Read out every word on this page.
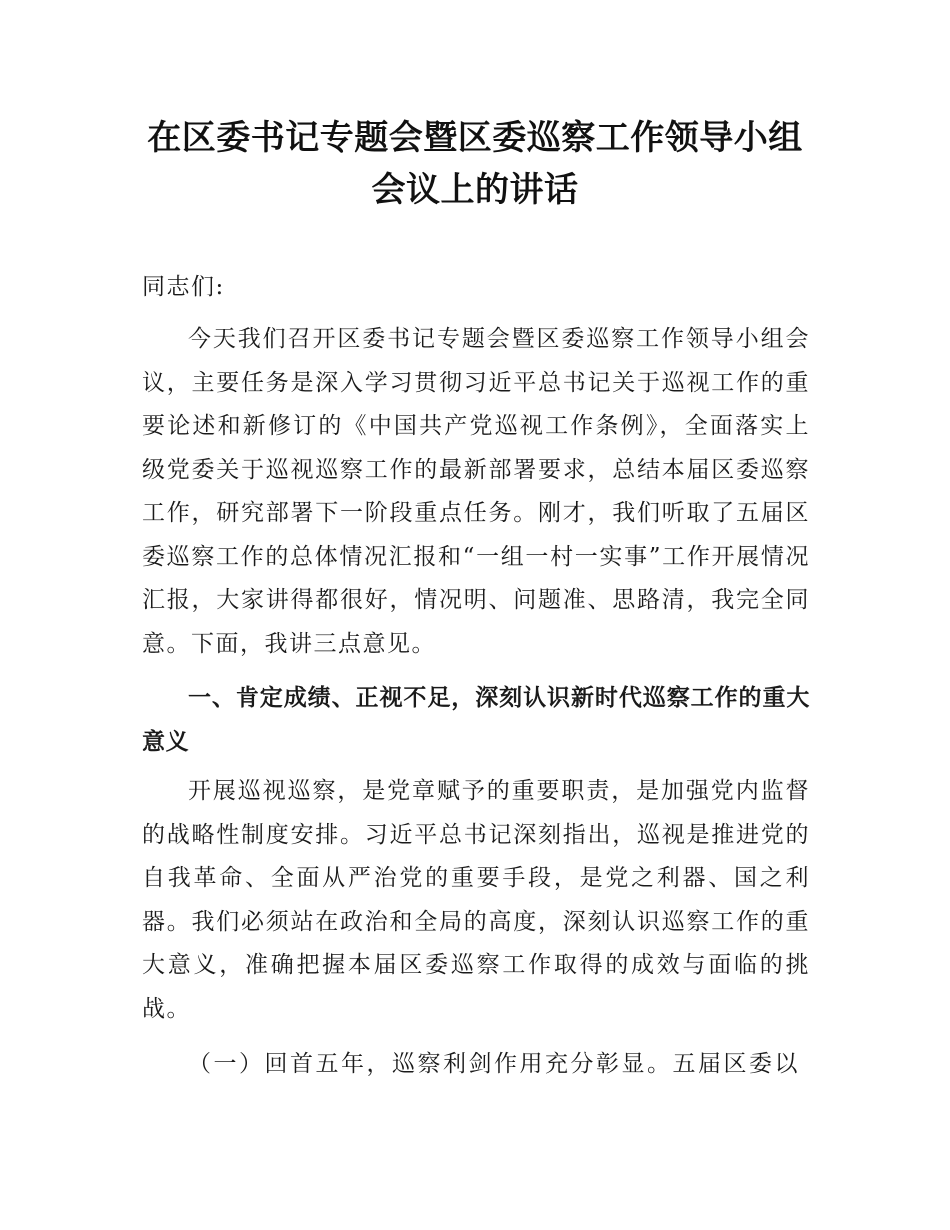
在区委书记专题会暨区委巡察工作领导小组
会议上的讲话

同志们:

今天我们召开区委书记专题会暨区委巡察工作领导小组会议，主要任务是深入学习贯彻习近平总书记关于巡视工作的重要论述和新修订的《中国共产党巡视工作条例》，全面落实上级党委关于巡视巡察工作的最新部署要求，总结本届区委巡察工作，研究部署下一阶段重点任务。刚才，我们听取了五届区委巡察工作的总体情况汇报和“一组一村一实事”工作开展情况汇报，大家讲得都很好，情况明、问题准、思路清，我完全同意。下面，我讲三点意见。

一、肯定成绩、正视不足，深刻认识新时代巡察工作的重大意义

开展巡视巡察，是党章赋予的重要职责，是加强党内监督的战略性制度安排。习近平总书记深刻指出，巡视是推进党的自我革命、全面从严治党的重要手段，是党之利器、国之利器。我们必须站在政治和全局的高度，深刻认识巡察工作的重大意义，准确把握本届区委巡察工作取得的成效与面临的挑战。

（一）回首五年，巡察利剑作用充分彰显。五届区委以
